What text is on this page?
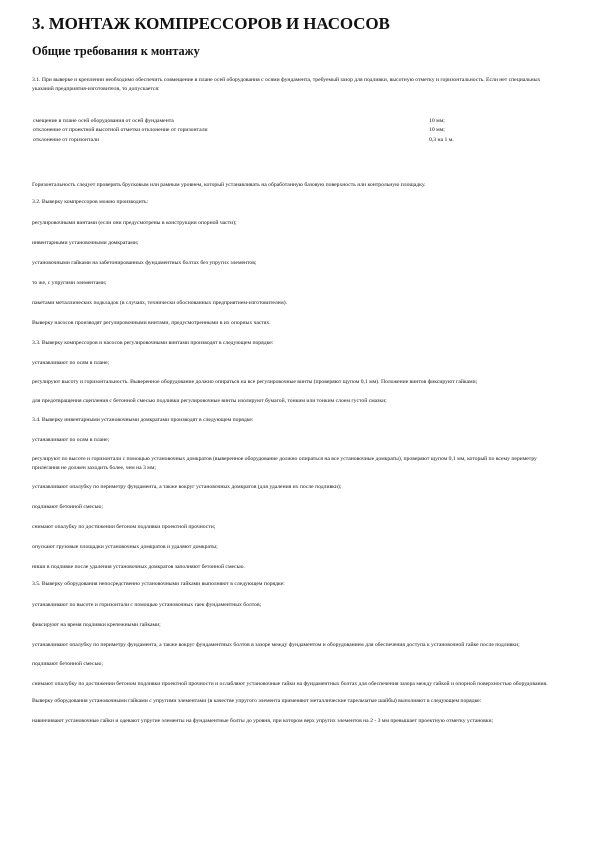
3. МОНТАЖ КОМПРЕССОРОВ И НАСОСОВ
Общие требования к монтажу

3.1. При выверке и креплении необходимо обеспечить совмещение в плане осей оборудования с осями фундамента, требуемый зазор для подливки, высотную отметку и горизонтальность. Если нет специальных указаний предприятия-изготовителя, то допускается:

смещение в плане осей оборудования от осей фундамента	10 мм;
отклонение от проектной высотной отметки отклонение от горизонтали	10 мм;
отклонение от горизонтали	0,3 на 1 м.

Горизонтальность следует проверять брусковым или рамным уровнем, который устанавливать на обработанную базовую поверхность или контрольную площадку.

3.2. Выверку компрессоров можно производить:

регулировочными винтами (если они предусмотрены в конструкции опорной части);

инвентарными установочными домкратами;

установочными гайками на забетонированных фундаментных болтах без упругих элементов;

то же, с упругими элементами;

пакетами металлических подкладок (в случаях, технически обоснованных предприятием-изготовителем).

Выверку насосов производят регулировочными винтами, предусмотренными в их опорных частях.

3.3. Выверку компрессоров и насосов регулировочными винтами производят в следующем порядке:

устанавливают по осям в плане;

регулируют высоту и горизонтальность. Выверенное оборудование должно опираться на все регулировочные винты (проверяют щупом 0,1 мм). Положение винтов фиксируют гайками;

для предотвращения сцепления с бетонной смесью подливки регулировочные винты изолируют бумагой, тонким или тонким слоем густой смазки;

3.4. Выверку инвентарными установочными домкратами производят в следующем порядке:

устанавливают по осям в плане;

регулируют по высоте и горизонтали с помощью установочных домкратов (выверенное оборудование должно опираться на все установочные домкраты), проверяют щупом 0,1 мм, который по всему периметру прилегания не должен заходить более, чем на 3 мм;

устанавливают опалубку по периметру фундамента, а также вокруг установочных домкратов (для удаления их после подливки);

подливают бетонной смесью;

снимают опалубку по достижении бетоном подливки проектной прочности;

опускают грузовые площадки установочных домкратов и удаляют домкраты;

ниши в подливке после удаления установочных домкратов заполняют бетонной смесью.

3.5. Выверку оборудования непосредственно установочными гайками выполняют в следующем порядке:

устанавливают по высоте и горизонтали с помощью установочных гаек фундаментных болтов;

фиксируют на время подливки крепежными гайками;

устанавливают опалубку по периметру фундамента, а также вокруг фундаментных болтов в зазоре между фундаментом и оборудованием для обеспечения доступа к установочной гайке после подливки;

подливают бетонной смесью;

снимают опалубку по достижении бетоном подливки проектной прочности и ослабляют установочные гайки на фундаментных болтах для обеспечения зазора между гайкой и опорной поверхностью оборудования.

Выверку оборудования установочными гайками с упругими элементами (в качестве упругого элемента применяют металлические тарельчатые шайбы) выполняют в следующем порядке:

навинчивают установочные гайки и одевают упругие элементы на фундаментные болты до уровня, при котором верх упругих элементов на 2 - 3 мм превышает проектную отметку установки;
